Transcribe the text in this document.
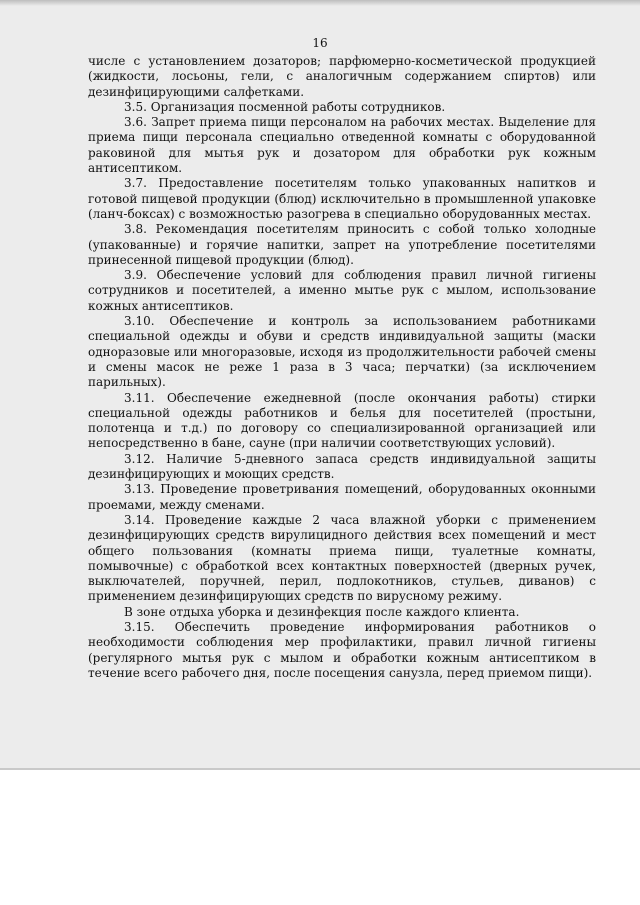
16

числе с установлением дозаторов; парфюмерно-косметической продукцией (жидкости, лосьоны, гели, с аналогичным содержанием спиртов) или дезинфицирующими салфетками.

3.5. Организация посменной работы сотрудников.

3.6. Запрет приема пищи персоналом на рабочих местах. Выделение для приема пищи персонала специально отведенной комнаты с оборудованной раковиной для мытья рук и дозатором для обработки рук кожным антисептиком.

3.7. Предоставление посетителям только упакованных напитков и готовой пищевой продукции (блюд) исключительно в промышленной упаковке (ланч-боксах) с возможностью разогрева в специально оборудованных местах.

3.8. Рекомендация посетителям приносить с собой только холодные (упакованные) и горячие напитки, запрет на употребление посетителями принесенной пищевой продукции (блюд).

3.9. Обеспечение условий для соблюдения правил личной гигиены сотрудников и посетителей, а именно мытье рук с мылом, использование кожных антисептиков.

3.10. Обеспечение и контроль за использованием работниками специальной одежды и обуви и средств индивидуальной защиты (маски одноразовые или многоразовые, исходя из продолжительности рабочей смены и смены масок не реже 1 раза в 3 часа; перчатки) (за исключением парильных).

3.11. Обеспечение ежедневной (после окончания работы) стирки специальной одежды работников и белья для посетителей (простыни, полотенца и т.д.) по договору со специализированной организацией или непосредственно в бане, сауне (при наличии соответствующих условий).

3.12. Наличие 5-дневного запаса средств индивидуальной защиты дезинфицирующих и моющих средств.

3.13. Проведение проветривания помещений, оборудованных оконными проемами, между сменами.

3.14. Проведение каждые 2 часа влажной уборки с применением дезинфицирующих средств вирулицидного действия всех помещений и мест общего пользования (комнаты приема пищи, туалетные комнаты, помывочные) с обработкой всех контактных поверхностей (дверных ручек, выключателей, поручней, перил, подлокотников, стульев, диванов) с применением дезинфицирующих средств по вирусному режиму.

В зоне отдыха уборка и дезинфекция после каждого клиента.

3.15. Обеспечить проведение информирования работников о необходимости соблюдения мер профилактики, правил личной гигиены (регулярного мытья рук с мылом и обработки кожным антисептиком в течение всего рабочего дня, после посещения санузла, перед приемом пищи).
